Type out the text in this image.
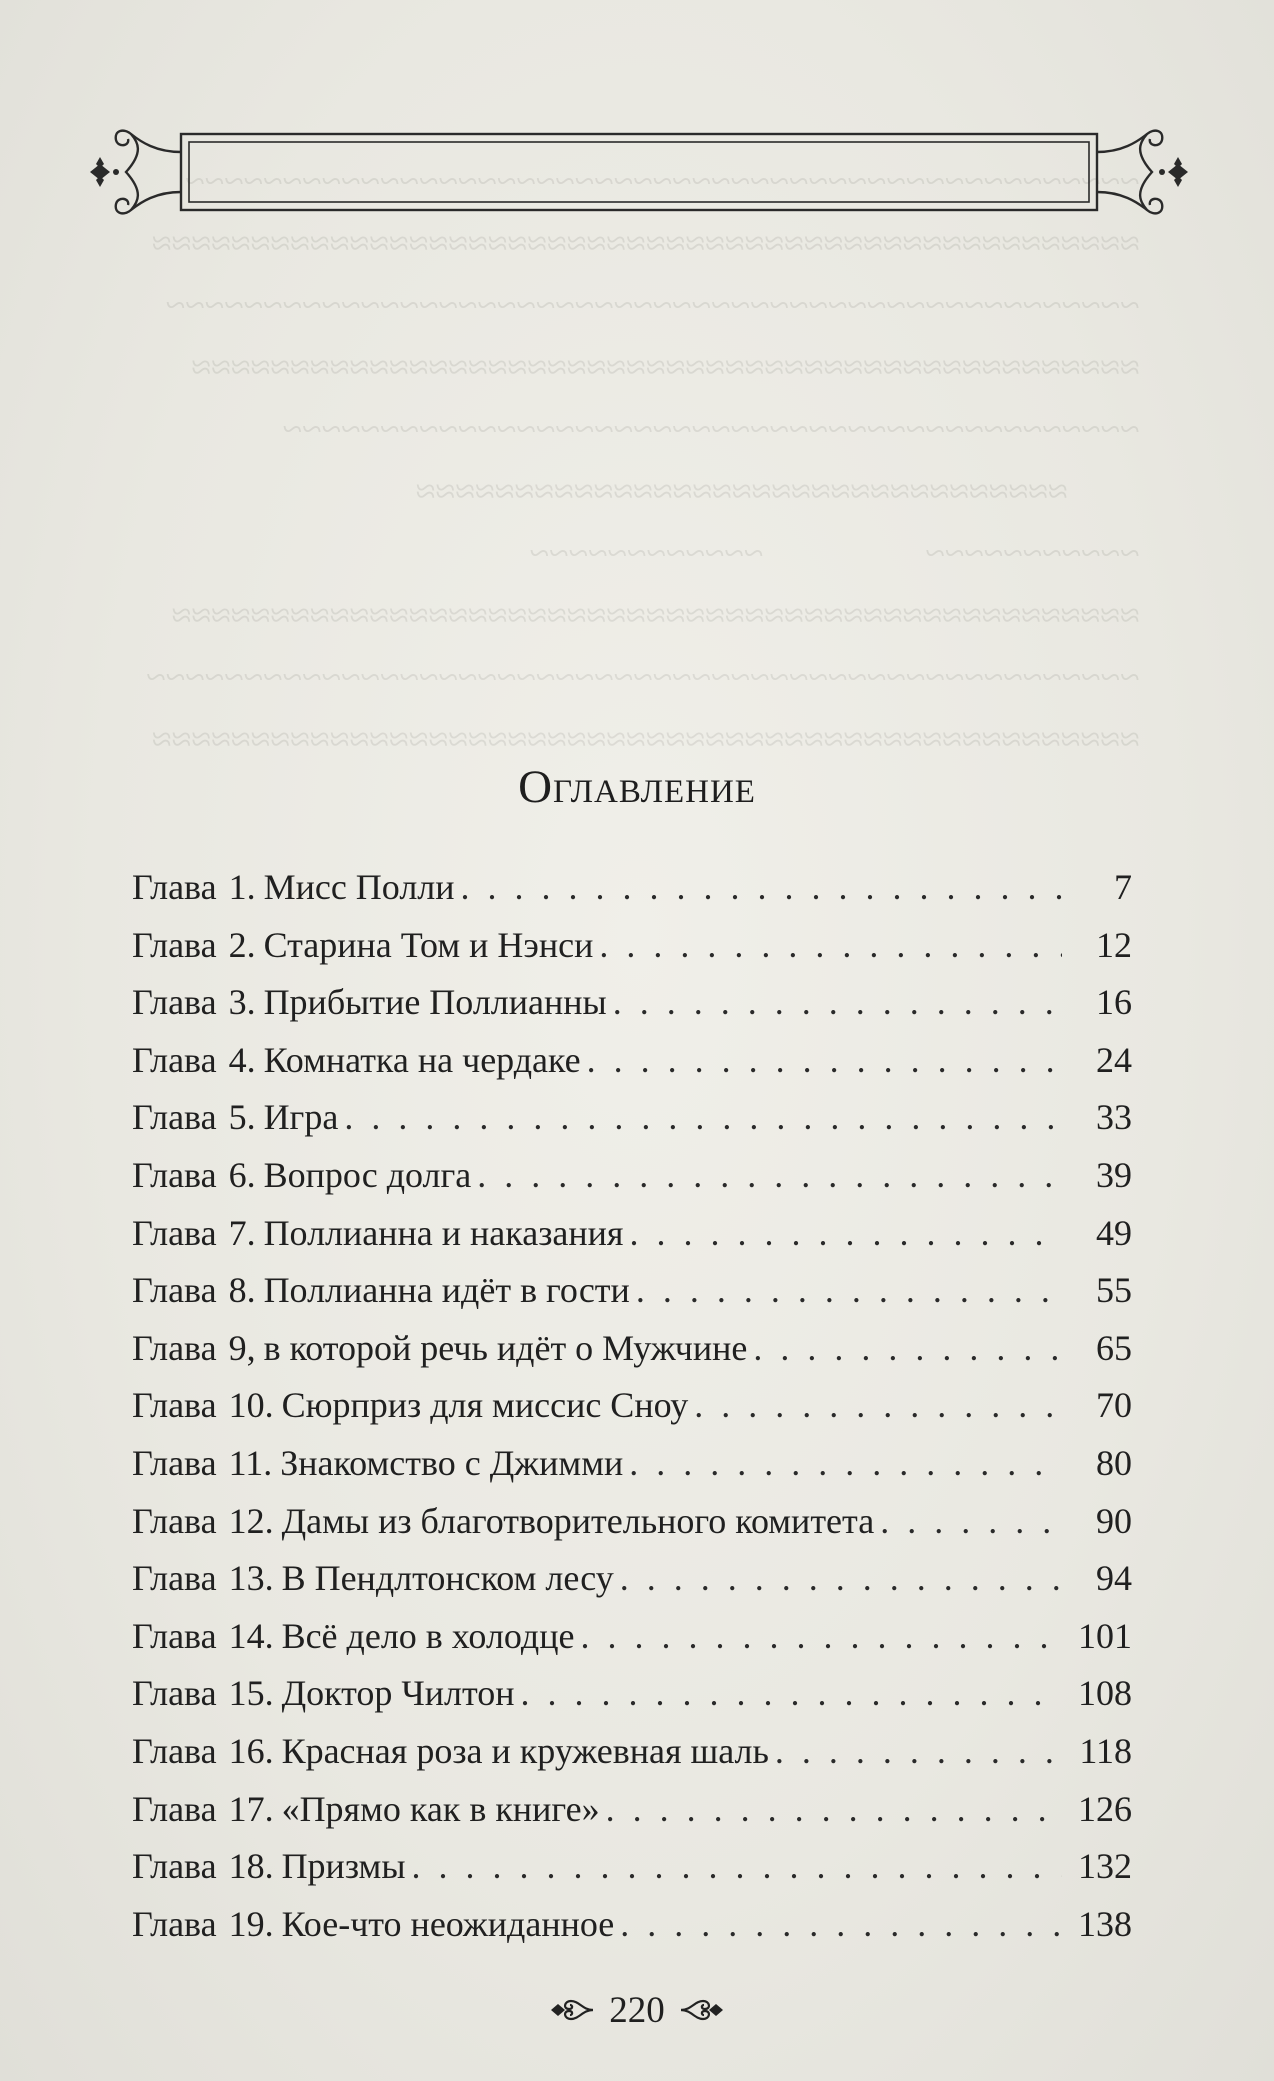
~~~~~~~~~~~~~~~~~~~~~~~~~~~~~~~~~~~~~~~~~~~~~~~~~
≈≈≈≈≈≈≈≈≈≈≈≈≈≈≈≈≈≈≈≈≈≈≈≈≈≈≈≈≈≈≈≈≈≈≈≈≈≈≈≈≈≈≈≈≈≈≈≈≈≈
~~~~~~~~~~~~~~~~~~~~~~~~~~~~~~~~~~~~~~~~~~~~~~~~~~
≈≈≈≈≈≈≈≈≈≈≈≈≈≈≈≈≈≈≈≈≈≈≈≈≈≈≈≈≈≈≈≈≈≈≈≈≈≈≈≈≈≈≈≈≈≈≈≈
~~~~~~~~~~~~~~~~~~~~~~~~~~~~~~~~~~~~~~~~~~~~
≈≈≈≈≈≈≈≈≈≈≈≈≈≈≈≈≈≈≈≈≈≈≈≈≈≈≈≈≈≈≈≈≈
~~~~~~~~~~~                  ~~~~~~~~~~~~
≈≈≈≈≈≈≈≈≈≈≈≈≈≈≈≈≈≈≈≈≈≈≈≈≈≈≈≈≈≈≈≈≈≈≈≈≈≈≈≈≈≈≈≈≈≈≈≈≈
~~~~~~~~~~~~~~~~~~~~~~~~~~~~~~~~~~~~~~~~~~~~~~~~~~~
≈≈≈≈≈≈≈≈≈≈≈≈≈≈≈≈≈≈≈≈≈≈≈≈≈≈≈≈≈≈≈≈≈≈≈≈≈≈≈≈≈≈≈≈≈≈≈≈≈≈
Оглавление
Глава 1. Мисс Полли . . .	7
Глава 2. Старина Том и Нэнси . . .	12
Глава 3. Прибытие Поллианны . . .	16
Глава 4. Комнатка на чердаке . . .	24
Глава 5. Игра . . .	33
Глава 6. Вопрос долга . . .	39
Глава 7. Поллианна и наказания . . .	49
Глава 8. Поллианна идёт в гости . . .	55
Глава 9, в которой речь идёт о Мужчине . . .	65
Глава 10. Сюрприз для миссис Сноу . . .	70
Глава 11. Знакомство с Джимми . . .	80
Глава 12. Дамы из благотворительного комитета . . .	90
Глава 13. В Пендлтонском лесу . . .	94
Глава 14. Всё дело в холодце . . .	101
Глава 15. Доктор Чилтон . . .	108
Глава 16. Красная роза и кружевная шаль . . .	118
Глава 17. «Прямо как в книге» . . .	126
Глава 18. Призмы . . .	132
Глава 19. Кое-что неожиданное . . .	138
220
